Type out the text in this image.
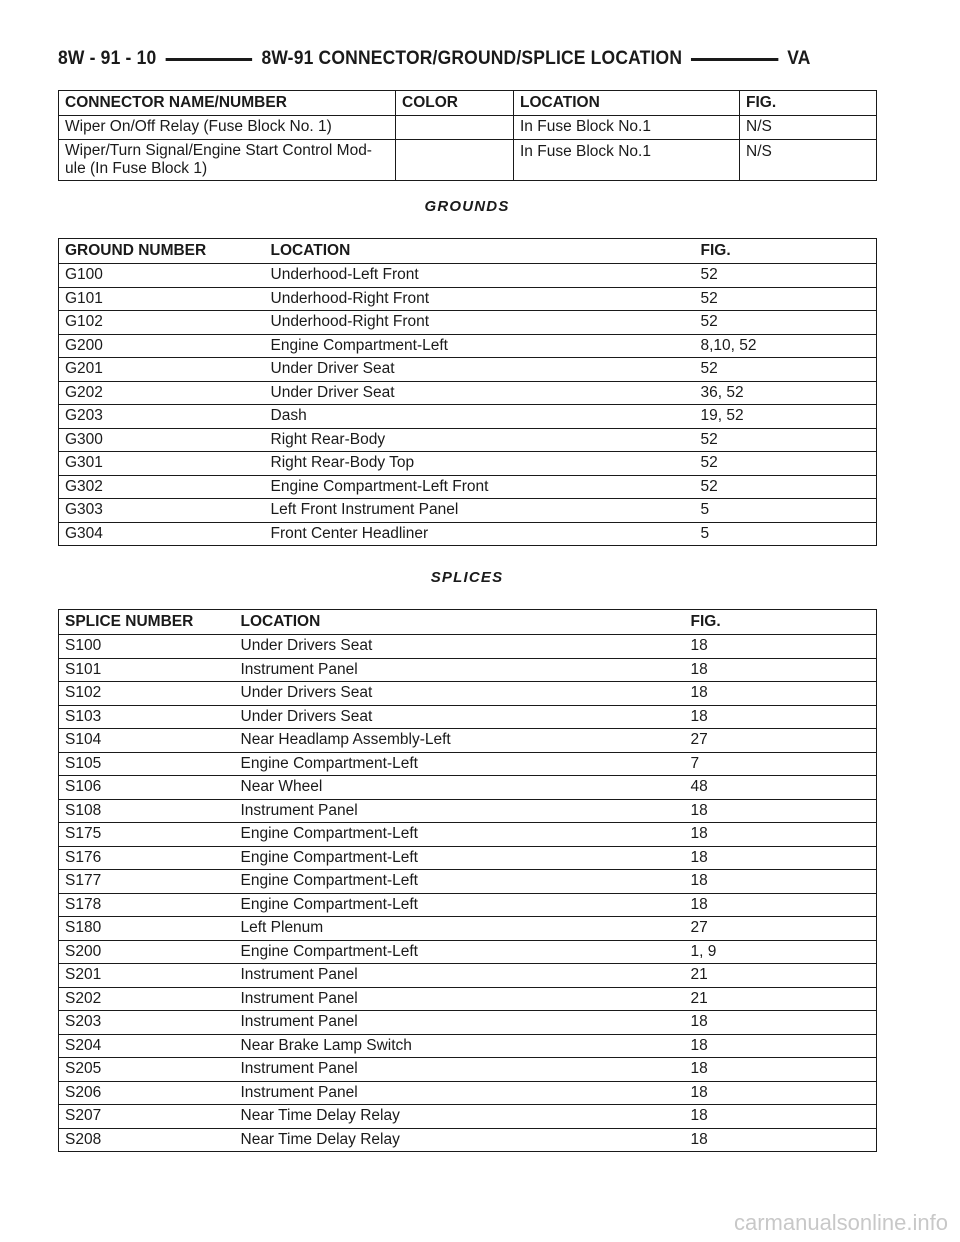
8W - 91 - 10	8W-91 CONNECTOR/GROUND/SPLICE LOCATION	VA
CONNECTOR NAME/NUMBER	COLOR	LOCATION	FIG.
Wiper On/Off Relay (Fuse Block No. 1)		In Fuse Block No.1	N/S
Wiper/Turn Signal/Engine Start Control Mod-ule (In Fuse Block 1)		In Fuse Block No.1	N/S
GROUNDS
GROUND NUMBER	LOCATION	FIG.
G100	Underhood-Left Front	52
G101	Underhood-Right Front	52
G102	Underhood-Right Front	52
G200	Engine Compartment-Left	8,10, 52
G201	Under Driver Seat	52
G202	Under Driver Seat	36, 52
G203	Dash	19, 52
G300	Right Rear-Body	52
G301	Right Rear-Body Top	52
G302	Engine Compartment-Left Front	52
G303	Left Front Instrument Panel	5
G304	Front Center Headliner	5
SPLICES
SPLICE NUMBER	LOCATION	FIG.
S100	Under Drivers Seat	18
S101	Instrument Panel	18
S102	Under Drivers Seat	18
S103	Under Drivers Seat	18
S104	Near Headlamp Assembly-Left	27
S105	Engine Compartment-Left	7
S106	Near Wheel	48
S108	Instrument Panel	18
S175	Engine Compartment-Left	18
S176	Engine Compartment-Left	18
S177	Engine Compartment-Left	18
S178	Engine Compartment-Left	18
S180	Left Plenum	27
S200	Engine Compartment-Left	1, 9
S201	Instrument Panel	21
S202	Instrument Panel	21
S203	Instrument Panel	18
S204	Near Brake Lamp Switch	18
S205	Instrument Panel	18
S206	Instrument Panel	18
S207	Near Time Delay Relay	18
S208	Near Time Delay Relay	18
carmanualsonline.info
